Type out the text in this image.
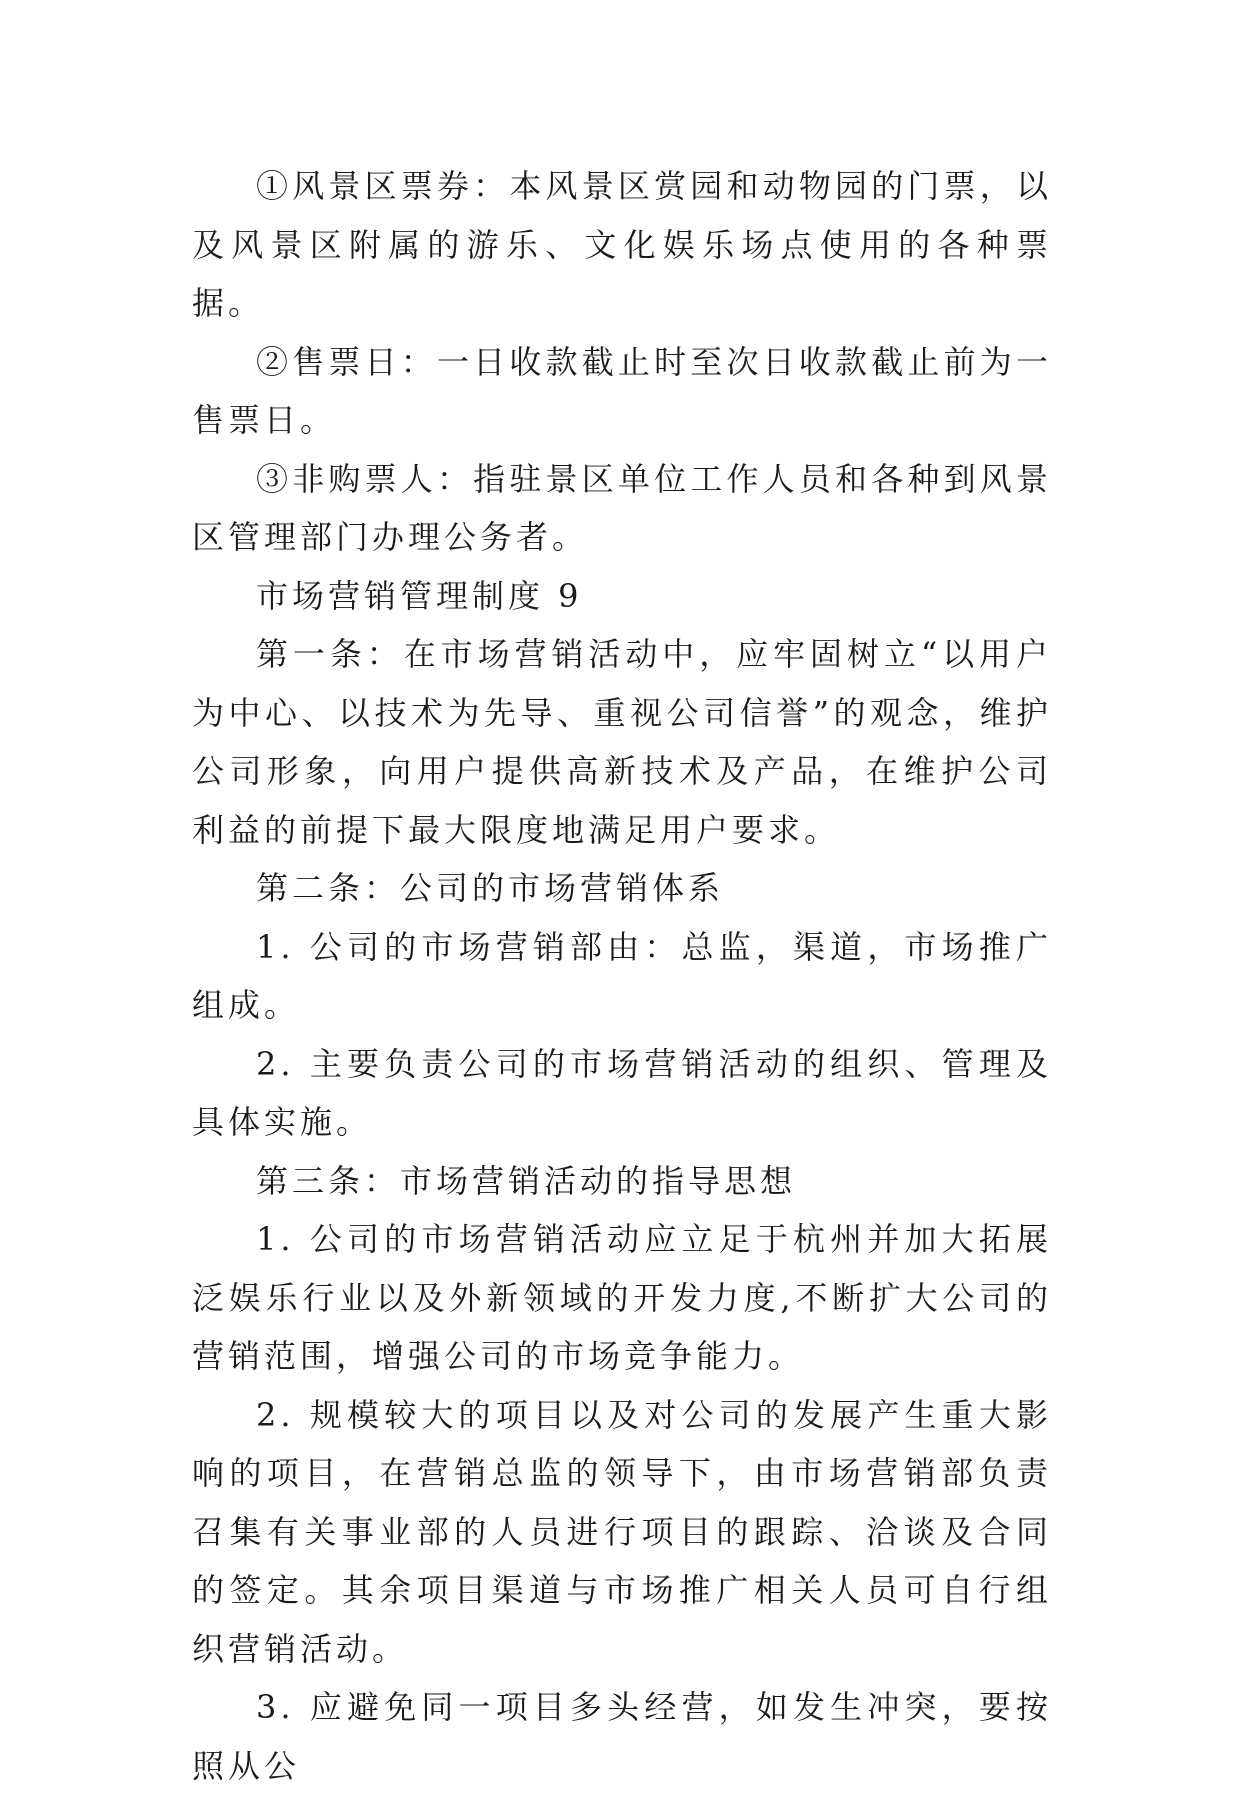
①风景区票券：本风景区赏园和动物园的门票，以及风景区附属的游乐、文化娱乐场点使用的各种票据。

②售票日：一日收款截止时至次日收款截止前为一售票日。

③非购票人：指驻景区单位工作人员和各种到风景区管理部门办理公务者。

市场营销管理制度 9

第一条：在市场营销活动中，应牢固树立“以用户为中心、以技术为先导、重视公司信誉”的观念，维护公司形象，向用户提供高新技术及产品，在维护公司利益的前提下最大限度地满足用户要求。

第二条：公司的市场营销体系

1. 公司的市场营销部由：总监，渠道，市场推广组成。

2. 主要负责公司的市场营销活动的组织、管理及具体实施。

第三条：市场营销活动的指导思想

1. 公司的市场营销活动应立足于杭州并加大拓展泛娱乐行业以及外新领域的开发力度,不断扩大公司的营销范围，增强公司的市场竞争能力。

2. 规模较大的项目以及对公司的发展产生重大影响的项目，在营销总监的领导下，由市场营销部负责召集有关事业部的人员进行项目的跟踪、洽谈及合同的签定。其余项目渠道与市场推广相关人员可自行组织营销活动。

3. 应避免同一项目多头经营，如发生冲突，要按照从公
